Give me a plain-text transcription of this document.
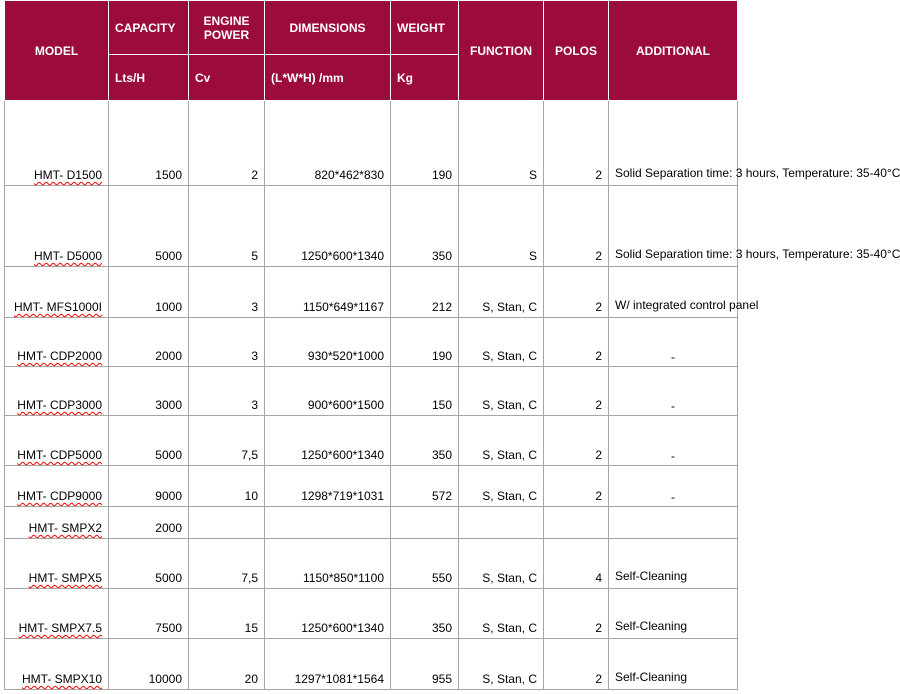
MODEL	CAPACITY	ENGINE POWER	DIMENSIONS	WEIGHT	FUNCTION	POLOS	ADDITIONAL
	Lts/H	Cv	(L*W*H) /mm	Kg			
HMT- D1500	1500	2	820*462*830	190	S	2	Solid Separation time: 3 hours, Temperature: 35-40°C
HMT- D5000	5000	5	1250*600*1340	350	S	2	Solid Separation time: 3 hours, Temperature: 35-40°C
HMT- MFS1000I	1000	3	1150*649*1167	212	S, Stan, C	2	W/ integrated control panel
HMT- CDP2000	2000	3	930*520*1000	190	S, Stan, C	2	-
HMT- CDP3000	3000	3	900*600*1500	150	S, Stan, C	2	-
HMT- CDP5000	5000	7,5	1250*600*1340	350	S, Stan, C	2	-
HMT- CDP9000	9000	10	1298*719*1031	572	S, Stan, C	2	-
HMT- SMPX2	2000						
HMT- SMPX5	5000	7,5	1150*850*1100	550	S, Stan, C	4	Self-Cleaning
HMT- SMPX7.5	7500	15	1250*600*1340	350	S, Stan, C	2	Self-Cleaning
HMT- SMPX10	10000	20	1297*1081*1564	955	S, Stan, C	2	Self-Cleaning
